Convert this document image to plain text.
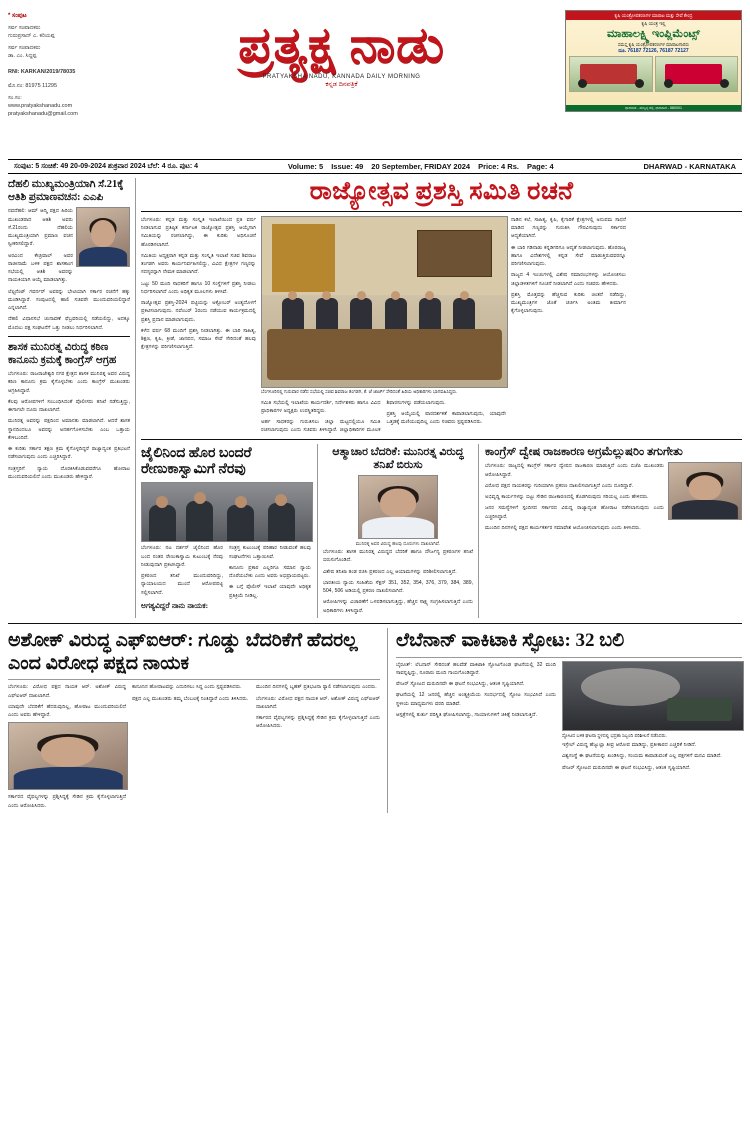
* ಸಂಪುಟ
ಸರ್ವ ಸಂಪಾದಕರು
ಗುರುಪ್ರಸಾದ್ ಎ. ಕರಿಯಪ್ಪ
ಸರ್ವ ಸಂಪಾದಕರು
ಡಾ. ಎಂ. ಸಿದ್ದಪ್ಪ
RNI: KARKAN/2019/78035
ಮೊ.ನಂ: 81975 11295
ಸಂ.ಸಂ:
www.pratyakshanadu.com
pratyakshanadu@gmail.com
ಪ್ರತ್ಯಕ್ಷ ನಾಡು
PRATYAKSHA NADU, KANNADA DAILY MORNING
ಕನ್ನಡ ದಿನಪತ್ರಿಕೆ
ಕೃಷಿ ಯಂತ್ರೋಪಕರಣಗಳ ಮಾರಾಟ ಮತ್ತು ಸೇವೆ ಕೇಂದ್ರ
ಕೃಷಿ ಯಂತ್ರ ಇಲ್ಲಿ
ಮಾಹಾಲಕ್ಷ್ಮಿ ಇಂಪ್ಲಿಮೆಂಟ್ಸ್
ಸಮಸ್ತ ಕೃಷಿ ಯಂತ್ರೋಪಕರಣಗಳ ಮಾರಾಟಗಾರರು
ದೂ. 76187 72126, 76187 72127
ಧಾರವಾಡ - ಹುಬ್ಬಳ್ಳಿ ರಸ್ತೆ, ಧಾರವಾಡ - 580001
ಸಂಪುಟ: 5 ಸಂಚಿಕೆ: 49 20-09-2024 ಶುಕ್ರವಾರ 2024 ಬೆಲೆ: 4 ರೂ. ಪುಟ: 4	Volume: 5	Issue: 49	20 September, FRIDAY 2024	Price: 4 Rs.	Page: 4	DHARWAD - KARNATAKA
ದೆಹಲಿ ಮುಖ್ಯಮಂತ್ರಿಯಾಗಿ ಸೆ.21ಕ್ಕೆ ಆತಿಶಿ ಪ್ರಮಾಣವಚನ: ಎಎಪಿ

ನವದೆಹಲಿ: ಆಮ್ ಆದ್ಮಿ ಪಕ್ಷದ ಹಿರಿಯ ಮುಖಂಡರಾದ ಆತಿಶಿ ಅವರು ಸೆ.21ರಂದು ದೆಹಲಿಯ ಮುಖ್ಯಮಂತ್ರಿಯಾಗಿ ಪ್ರಮಾಣ ವಚನ ಸ್ವೀಕರಿಸಲಿದ್ದಾರೆ.

ಅರವಿಂದ ಕೇಜ್ರಿವಾಲ್ ಅವರ ರಾಜೀನಾಮೆ ಬಳಿಕ ಪಕ್ಷದ ಶಾಸಕಾಂಗ ಸಭೆಯಲ್ಲಿ ಆತಿಶಿ ಅವರನ್ನು ನಾಯಕಿಯಾಗಿ ಆಯ್ಕೆ ಮಾಡಲಾಗಿತ್ತು.

ಲೆಫ್ಟಿನೆಂಟ್ ಗವರ್ನರ್ ಅವರನ್ನು ಭೇಟಿಯಾಗಿ ಸರ್ಕಾರ ರಚನೆಗೆ ಹಕ್ಕು ಮಂಡಿಸಿದ್ದಾರೆ. ಸಂಪುಟದಲ್ಲಿ ಹಾಲಿ ಸಚಿವರೇ ಮುಂದುವರಿಯಲಿದ್ದಾರೆ ಎನ್ನಲಾಗಿದೆ.

ದೆಹಲಿ ವಿಧಾನಸಭೆ ಚುನಾವಣೆ ಫೆಬ್ರವರಿಯಲ್ಲಿ ನಡೆಯಲಿದ್ದು, ಅದಕ್ಕೂ ಮೊದಲು ಪಕ್ಷ ಸಂಘಟನೆಗೆ ಒತ್ತು ನೀಡಲು ನಿರ್ಧರಿಸಲಾಗಿದೆ.

ಶಾಸಕ ಮುನಿರತ್ನ ವಿರುದ್ಧ ಕಠಿಣ ಕಾನೂನು ಕ್ರಮಕ್ಕೆ ಕಾಂಗ್ರೆಸ್ ಆಗ್ರಹ

ಬೆಂಗಳೂರು: ರಾಜರಾಜೇಶ್ವರಿ ನಗರ ಕ್ಷೇತ್ರದ ಶಾಸಕ ಮುನಿರತ್ನ ಅವರ ವಿರುದ್ಧ ಕಠಿಣ ಕಾನೂನು ಕ್ರಮ ಕೈಗೊಳ್ಳಬೇಕು ಎಂದು ಕಾಂಗ್ರೆಸ್ ಮುಖಂಡರು ಆಗ್ರಹಿಸಿದ್ದಾರೆ.

ಕೆಲವು ಆರೋಪಗಳಿಗೆ ಸಂಬಂಧಿಸಿದಂತೆ ಪೊಲೀಸರು ತನಿಖೆ ನಡೆಸುತ್ತಿದ್ದು, ಈಗಾಗಲೇ ದೂರು ದಾಖಲಾಗಿದೆ.

ಮುನಿರತ್ನ ಅವರನ್ನು ಪಕ್ಷದಿಂದ ಅಮಾನತು ಮಾಡಲಾಗಿದೆ. ಆದರೆ ಶಾಸಕ ಸ್ಥಾನದಿಂದಲೂ ಅವರನ್ನು ಅನರ್ಹಗೊಳಿಸಬೇಕು ಎಂಬ ಒತ್ತಾಯ ಕೇಳಿಬಂದಿದೆ.

ಈ ಕುರಿತು ಸರ್ಕಾರ ತಕ್ಷಣ ಕ್ರಮ ಕೈಗೊಳ್ಳದಿದ್ದರೆ ರಾಜ್ಯಾದ್ಯಂತ ಪ್ರತಿಭಟನೆ ನಡೆಸಲಾಗುವುದು ಎಂದು ಎಚ್ಚರಿಸಿದ್ದಾರೆ.

ಸಂತ್ರಸ್ತರಿಗೆ ನ್ಯಾಯ ದೊರಕಿಸಿಕೊಡುವವರೆಗೂ ಹೋರಾಟ ಮುಂದುವರಿಯಲಿದೆ ಎಂದು ಮುಖಂಡರು ಹೇಳಿದ್ದಾರೆ.

ರಾಜ್ಯೋತ್ಸವ ಪ್ರಶಸ್ತಿ ಸಮಿತಿ ರಚನೆ

ಬೆಂಗಳೂರು: ಕನ್ನಡ ಮತ್ತು ಸಂಸ್ಕೃತಿ ಇಲಾಖೆಯಿಂದ ಪ್ರತಿ ವರ್ಷ ನೀಡಲಾಗುವ ಪ್ರತಿಷ್ಠಿತ ಕರ್ನಾಟಕ ರಾಜ್ಯೋತ್ಸವ ಪ್ರಶಸ್ತಿ ಆಯ್ಕೆಗಾಗಿ ಸಮಿತಿಯನ್ನು ರಚಿಸಲಾಗಿದ್ದು, ಈ ಕುರಿತು ಅಧಿಸೂಚನೆ ಹೊರಡಿಸಲಾಗಿದೆ.

ಸಮಿತಿಯ ಅಧ್ಯಕ್ಷರಾಗಿ ಕನ್ನಡ ಮತ್ತು ಸಂಸ್ಕೃತಿ ಇಲಾಖೆ ಸಚಿವ ಶಿವರಾಜ ತಂಗಡಗಿ ಅವರು ಕಾರ್ಯನಿರ್ವಹಿಸಲಿದ್ದು, ವಿವಿಧ ಕ್ಷೇತ್ರಗಳ ಗಣ್ಯರನ್ನು ಸದಸ್ಯರನ್ನಾಗಿ ನೇಮಕ ಮಾಡಲಾಗಿದೆ.

ಒಟ್ಟು 50 ಮಂದಿ ಸಾಧಕರಿಗೆ ಹಾಗೂ 10 ಸಂಸ್ಥೆಗಳಿಗೆ ಪ್ರಶಸ್ತಿ ನೀಡಲು ನಿರ್ಧರಿಸಲಾಗಿದೆ ಎಂದು ಅಧಿಕೃತ ಮೂಲಗಳು ತಿಳಿಸಿವೆ.

ರಾಜ್ಯೋತ್ಸವ ಪ್ರಶಸ್ತಿ-2024 ಪಟ್ಟಿಯನ್ನು ಅಕ್ಟೋಬರ್ ಅಂತ್ಯದೊಳಗೆ ಪ್ರಕಟಿಸಲಾಗುವುದು. ನವೆಂಬರ್ 1ರಂದು ನಡೆಯುವ ಕಾರ್ಯಕ್ರಮದಲ್ಲಿ ಪ್ರಶಸ್ತಿ ಪ್ರದಾನ ಮಾಡಲಾಗುವುದು.

ಕಳೆದ ವರ್ಷ 68 ಮಂದಿಗೆ ಪ್ರಶಸ್ತಿ ನೀಡಲಾಗಿತ್ತು. ಈ ಬಾರಿ ಸಾಹಿತ್ಯ, ಶಿಕ್ಷಣ, ಕೃಷಿ, ಕ್ರೀಡೆ, ಜಾನಪದ, ಸಮಾಜ ಸೇವೆ ಸೇರಿದಂತೆ ಹಲವು ಕ್ಷೇತ್ರಗಳನ್ನು ಪರಿಗಣಿಸಲಾಗುತ್ತಿದೆ.

ಬೆಂಗಳೂರಿನಲ್ಲಿ ಗುರುವಾರ ನಡೆದ ಸಭೆಯಲ್ಲಿ ಸಚಿವ ಶಿವರಾಜ ತಂಗಡಗಿ, ಕೆ. ಜೆ ಜಾರ್ಜ್ ಸೇರಿದಂತೆ ಹಿರಿಯ ಅಧಿಕಾರಿಗಳು ಭಾಗವಹಿಸಿದ್ದರು.

ಸಮಿತಿ ಸಭೆಯಲ್ಲಿ ಇಲಾಖೆಯ ಕಾರ್ಯದರ್ಶಿ, ನಿರ್ದೇಶಕರು ಹಾಗೂ ವಿವಿಧ ಪ್ರಾಧಿಕಾರಗಳ ಅಧ್ಯಕ್ಷರು ಉಪಸ್ಥಿತರಿದ್ದರು.

ಅರ್ಹ ಸಾಧಕರನ್ನು ಗುರುತಿಸಲು ಜಿಲ್ಲಾ ಮಟ್ಟದಲ್ಲಿಯೂ ಸಮಿತಿ ರಚಿಸಲಾಗುವುದು ಎಂದು ಸಚಿವರು ತಿಳಿಸಿದ್ದಾರೆ. ಜಿಲ್ಲಾಧಿಕಾರಿಗಳ ಮೂಲಕ ಶಿಫಾರಸುಗಳನ್ನು ಪಡೆಯಲಾಗುವುದು.

ಪ್ರಶಸ್ತಿ ಆಯ್ಕೆಯಲ್ಲಿ ಪಾರದರ್ಶಕತೆ ಕಾಪಾಡಲಾಗುವುದು, ಯಾವುದೇ ಒತ್ತಡಕ್ಕೆ ಮಣಿಯುವುದಿಲ್ಲ ಎಂದು ಸಚಿವರು ಸ್ಪಷ್ಟಪಡಿಸಿದರು.

ನಾಡಿನ ಕಲೆ, ಸಾಹಿತ್ಯ, ಕೃಷಿ, ಕೈಗಾರಿಕೆ ಕ್ಷೇತ್ರಗಳಲ್ಲಿ ಅನುಪಮ ಸಾಧನೆ ಮಾಡಿದ ಗಣ್ಯರನ್ನು ಗುರುತಿಸಿ ಗೌರವಿಸುವುದು ಸರ್ಕಾರದ ಆದ್ಯತೆಯಾಗಿದೆ.

ಈ ಬಾರಿ ಗಡಿನಾಡು ಕನ್ನಡಿಗರಿಗೂ ಆದ್ಯತೆ ನೀಡಲಾಗುವುದು. ಹೊರರಾಜ್ಯ ಹಾಗೂ ವಿದೇಶಗಳಲ್ಲಿ ಕನ್ನಡ ಸೇವೆ ಮಾಡುತ್ತಿರುವವರನ್ನೂ ಪರಿಗಣಿಸಲಾಗುವುದು.

ರಾಜ್ಯದ 4 ಇಂಚುಗಳಲ್ಲಿ ವಿಶೇಷ ಸಮಾರಂಭಗಳನ್ನು ಆಯೋಜಿಸಲು ಜಿಲ್ಲಾಡಳಿತಗಳಿಗೆ ಸೂಚನೆ ನೀಡಲಾಗಿದೆ ಎಂದು ಸಚಿವರು ಹೇಳಿದರು.

ಪ್ರಶಸ್ತಿ ಮೊತ್ತವನ್ನು ಹೆಚ್ಚಿಸುವ ಕುರಿತು ಚಿಂತನೆ ನಡೆದಿದ್ದು, ಮುಖ್ಯಮಂತ್ರಿಗಳ ಜೊತೆ ಚರ್ಚಿಸಿ ಅಂತಿಮ ತೀರ್ಮಾನ ಕೈಗೊಳ್ಳಲಾಗುವುದು.

ಜೈಲಿನಿಂದ ಹೊರ ಬಂದರೆ ರೇಣುಕಾಸ್ವಾಮಿಗೆ ನೆರವು

ಬೆಂಗಳೂರು: ನಟ ದರ್ಶನ್ ಜೈಲಿನಿಂದ ಹೊರ ಬಂದ ನಂತರ ರೇಣುಕಾಸ್ವಾಮಿ ಕುಟುಂಬಕ್ಕೆ ನೆರವು ನೀಡುವುದಾಗಿ ಪ್ರಕಟಿಸಿದ್ದಾರೆ.

ಪ್ರಕರಣದ ತನಿಖೆ ಮುಂದುವರಿದಿದ್ದು, ನ್ಯಾಯಾಲಯದ ಮುಂದೆ ಆರೋಪಪಟ್ಟಿ ಸಲ್ಲಿಸಲಾಗಿದೆ.

ಅಗತ್ಯವಿದ್ದರೆ ನಾನು ನಾಯಕ:

ಸಂತ್ರಸ್ತ ಕುಟುಂಬಕ್ಕೆ ಪರಿಹಾರ ನೀಡುವಂತೆ ಹಲವು ಸಂಘಟನೆಗಳು ಒತ್ತಾಯಿಸಿವೆ.

ಕಾನೂನು ಪ್ರಕಾರ ಎಲ್ಲರಿಗೂ ಸಮಾನ ನ್ಯಾಯ ದೊರೆಯಬೇಕು ಎಂದು ಅವರು ಅಭಿಪ್ರಾಯಪಟ್ಟರು.

ಈ ಬಗ್ಗೆ ಪೊಲೀಸ್ ಇಲಾಖೆ ಯಾವುದೇ ಅಧಿಕೃತ ಪ್ರತಿಕ್ರಿಯೆ ನೀಡಿಲ್ಲ.

ಆತ್ಮಾಚಾರ ಬೆದರಿಕೆ: ಮುನಿರತ್ನ ವಿರುದ್ಧ ತನಿಖೆ ಬಿರುಸು
ಮುನಿರತ್ನ ಅವರ ವಿರುದ್ಧ ಹಲವು ದೂರುಗಳು ದಾಖಲಾಗಿವೆ.

ಬೆಂಗಳೂರು: ಶಾಸಕ ಮುನಿರತ್ನ ವಿರುದ್ಧದ ಬೆದರಿಕೆ ಹಾಗೂ ದೌರ್ಜನ್ಯ ಪ್ರಕರಣಗಳ ತನಿಖೆ ಬಿರುಸುಗೊಂಡಿದೆ.

ವಿಶೇಷ ತನಿಖಾ ತಂಡ ರಚಿಸಿ ಪ್ರಕರಣದ ಎಲ್ಲ ಆಯಾಮಗಳನ್ನು ಪರಿಶೀಲಿಸಲಾಗುತ್ತಿದೆ.

ಭಾರತೀಯ ನ್ಯಾಯ ಸಂಹಿತೆಯ ಸೆಕ್ಷನ್ 351, 352, 354, 376, 379, 384, 389, 504, 506 ಅಡಿಯಲ್ಲಿ ಪ್ರಕರಣ ದಾಖಲಿಸಲಾಗಿದೆ.

ಆರೋಪಿಗಳನ್ನು ವಿಚಾರಣೆಗೆ ಒಳಪಡಿಸಲಾಗುತ್ತಿದ್ದು, ಹೆಚ್ಚಿನ ಸಾಕ್ಷ್ಯ ಸಂಗ್ರಹಿಸಲಾಗುತ್ತಿದೆ ಎಂದು ಅಧಿಕಾರಿಗಳು ತಿಳಿಸಿದ್ದಾರೆ.

ಕಾಂಗ್ರೆಸ್ ದ್ವೇಷ ರಾಜಕಾರಣ ಅಗ್ರಮೆಲ್ಲುಷರಿಂ ತಗುಗೇತು

ಬೆಂಗಳೂರು: ರಾಜ್ಯದಲ್ಲಿ ಕಾಂಗ್ರೆಸ್ ಸರ್ಕಾರ ದ್ವೇಷದ ರಾಜಕಾರಣ ಮಾಡುತ್ತಿದೆ ಎಂದು ಬಿಜೆಪಿ ಮುಖಂಡರು ಆರೋಪಿಸಿದ್ದಾರೆ.

ವಿರೋಧ ಪಕ್ಷದ ನಾಯಕರನ್ನು ಗುರಿಯಾಗಿಸಿ ಪ್ರಕರಣ ದಾಖಲಿಸಲಾಗುತ್ತಿದೆ ಎಂದು ದೂರಿದ್ದಾರೆ.

ಅಭಿವೃದ್ಧಿ ಕಾರ್ಯಗಳನ್ನು ಬಿಟ್ಟು ಸೇಡಿನ ರಾಜಕಾರಣದಲ್ಲಿ ತೊಡಗಿರುವುದು ಸರಿಯಲ್ಲ ಎಂದು ಹೇಳಿದರು.

ಜನರ ಸಮಸ್ಯೆಗಳಿಗೆ ಸ್ಪಂದಿಸದ ಸರ್ಕಾರದ ವಿರುದ್ಧ ರಾಜ್ಯಾದ್ಯಂತ ಹೋರಾಟ ನಡೆಸಲಾಗುವುದು ಎಂದು ಎಚ್ಚರಿಸಿದ್ದಾರೆ.

ಮುಂದಿನ ದಿನಗಳಲ್ಲಿ ಪಕ್ಷದ ಕಾರ್ಯಕರ್ತರ ಸಮಾವೇಶ ಆಯೋಜಿಸಲಾಗುವುದು ಎಂದು ತಿಳಿಸಿದರು.

ಅಶೋಕ್ ವಿರುದ್ಧ ಎಫ್ಐಆರ್: ಗೂಡ್ಡು ಬೆದರಿಕೆಗೆ ಹೆದರಲ್ಲ ಎಂದ ವಿರೋಧ ಪಕ್ಷದ ನಾಯಕ

ಬೆಂಗಳೂರು: ವಿರೋಧ ಪಕ್ಷದ ನಾಯಕ ಆರ್. ಅಶೋಕ್ ವಿರುದ್ಧ ಎಫ್ಐಆರ್ ದಾಖಲಾಗಿದೆ.

ಯಾವುದೇ ಬೆದರಿಕೆಗೆ ಹೆದರುವುದಿಲ್ಲ, ಹೋರಾಟ ಮುಂದುವರಿಯಲಿದೆ ಎಂದು ಅವರು ಹೇಳಿದ್ದಾರೆ.

ಸರ್ಕಾರದ ವೈಫಲ್ಯಗಳನ್ನು ಪ್ರಶ್ನಿಸಿದ್ದಕ್ಕೆ ಸೇಡಿನ ಕ್ರಮ ಕೈಗೊಳ್ಳಲಾಗುತ್ತಿದೆ ಎಂದು ಆರೋಪಿಸಿದರು.

ಕಾನೂನಿನ ಹೋರಾಟವನ್ನು ಎದುರಿಸಲು ಸಿದ್ಧ ಎಂದು ಸ್ಪಷ್ಟಪಡಿಸಿದರು.

ಪಕ್ಷದ ಎಲ್ಲ ಮುಖಂಡರು ತಮ್ಮ ಬೆಂಬಲಕ್ಕೆ ನಿಂತಿದ್ದಾರೆ ಎಂದು ತಿಳಿಸಿದರು.

ಮುಂದಿನ ದಿನಗಳಲ್ಲಿ ಬೃಹತ್ ಪ್ರತಿಭಟನಾ ರ‍್ಯಾಲಿ ನಡೆಸಲಾಗುವುದು ಎಂದರು.

ಬೆಂಗಳೂರು: ವಿರೋಧ ಪಕ್ಷದ ನಾಯಕ ಆರ್. ಅಶೋಕ್ ವಿರುದ್ಧ ಎಫ್ಐಆರ್ ದಾಖಲಾಗಿದೆ.

ಸರ್ಕಾರದ ವೈಫಲ್ಯಗಳನ್ನು ಪ್ರಶ್ನಿಸಿದ್ದಕ್ಕೆ ಸೇಡಿನ ಕ್ರಮ ಕೈಗೊಳ್ಳಲಾಗುತ್ತಿದೆ ಎಂದು ಆರೋಪಿಸಿದರು.

ಲೆಬೆನಾನ್ ವಾಕಿಟಾಕಿ ಸ್ಫೋಟ: 32 ಬಲಿ

ಬೈರೂತ್: ಲೆಬನಾನ್ ಸೇರಿದಂತೆ ಹಲವೆಡೆ ವಾಕಿಟಾಕಿ ಸ್ಫೋಟಗೊಂಡ ಘಟನೆಯಲ್ಲಿ 32 ಮಂದಿ ಸಾವನ್ನಪ್ಪಿದ್ದು, ನೂರಾರು ಮಂದಿ ಗಾಯಗೊಂಡಿದ್ದಾರೆ.

ಪೇಜರ್ ಸ್ಫೋಟದ ಮರುದಿನವೇ ಈ ಘಟನೆ ಸಂಭವಿಸಿದ್ದು, ಆತಂಕ ಸೃಷ್ಟಿಯಾಗಿದೆ.

ಘಟನೆಯಲ್ಲಿ 12 ಜನರಲ್ಲಿ ಹೆಚ್ಚಿನ ಅಂತ್ಯಕ್ರಿಯೆಯ ಸಂದರ್ಭದಲ್ಲಿ ಸ್ಫೋಟ ಸಂಭವಿಸಿದೆ ಎಂದು ಸ್ಥಳೀಯ ಮಾಧ್ಯಮಗಳು ವರದಿ ಮಾಡಿವೆ.

ಆಸ್ಪತ್ರೆಗಳಲ್ಲಿ ತುರ್ತು ಪರಿಸ್ಥಿತಿ ಘೋಷಿಸಲಾಗಿದ್ದು, ಗಾಯಾಳುಗಳಿಗೆ ಚಿಕಿತ್ಸೆ ನೀಡಲಾಗುತ್ತಿದೆ.

ಸ್ಫೋಟದ ಬಳಿಕ ಘಟನಾ ಸ್ಥಳದಲ್ಲಿ ಭದ್ರತಾ ಸಿಬ್ಬಂದಿ ಪರಿಶೀಲನೆ ನಡೆಸಿದರು.

ಇಸ್ರೇಲ್ ವಿರುದ್ಧ ಹೆಜ್ಬುಲ್ಲಾ ತೀವ್ರ ಆರೋಪ ಮಾಡಿದ್ದು, ಪ್ರತೀಕಾರದ ಎಚ್ಚರಿಕೆ ನೀಡಿದೆ.

ವಿಶ್ವಸಂಸ್ಥೆ ಈ ಘಟನೆಯನ್ನು ಖಂಡಿಸಿದ್ದು, ಸಂಯಮ ಕಾಪಾಡುವಂತೆ ಎಲ್ಲ ಪಕ್ಷಗಳಿಗೆ ಮನವಿ ಮಾಡಿದೆ.

ಪೇಜರ್ ಸ್ಫೋಟದ ಮರುದಿನವೇ ಈ ಘಟನೆ ಸಂಭವಿಸಿದ್ದು, ಆತಂಕ ಸೃಷ್ಟಿಯಾಗಿದೆ.
